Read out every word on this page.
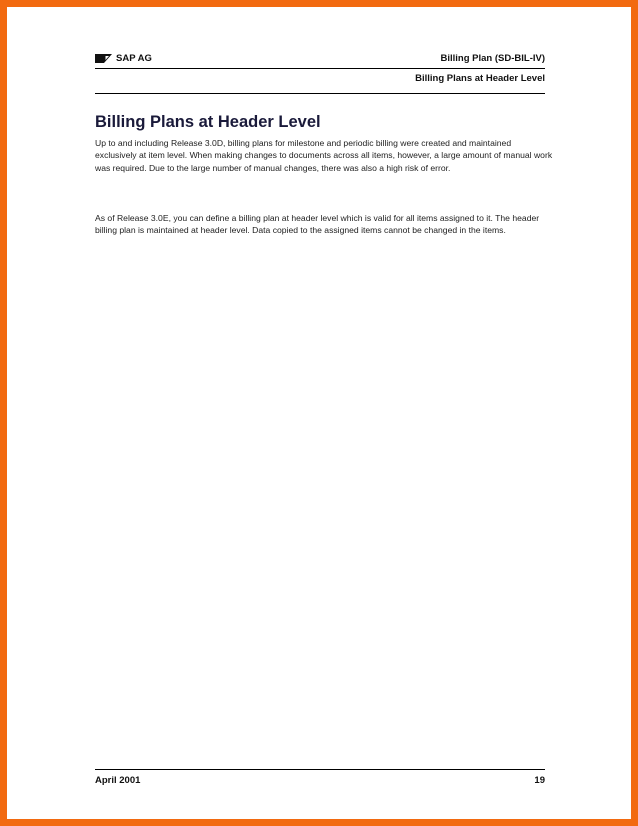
SAP AG	Billing Plan (SD-BIL-IV)
Billing Plans at Header Level
Billing Plans at Header Level

Up to and including Release 3.0D, billing plans for milestone and periodic billing were created and maintained exclusively at item level. When making changes to documents across all items, however, a large amount of manual work was required. Due to the large number of manual changes, there was also a high risk of error.

As of Release 3.0E, you can define a billing plan at header level which is valid for all items assigned to it. The header billing plan is maintained at header level. Data copied to the assigned items cannot be changed in the items.

April 2001	19
